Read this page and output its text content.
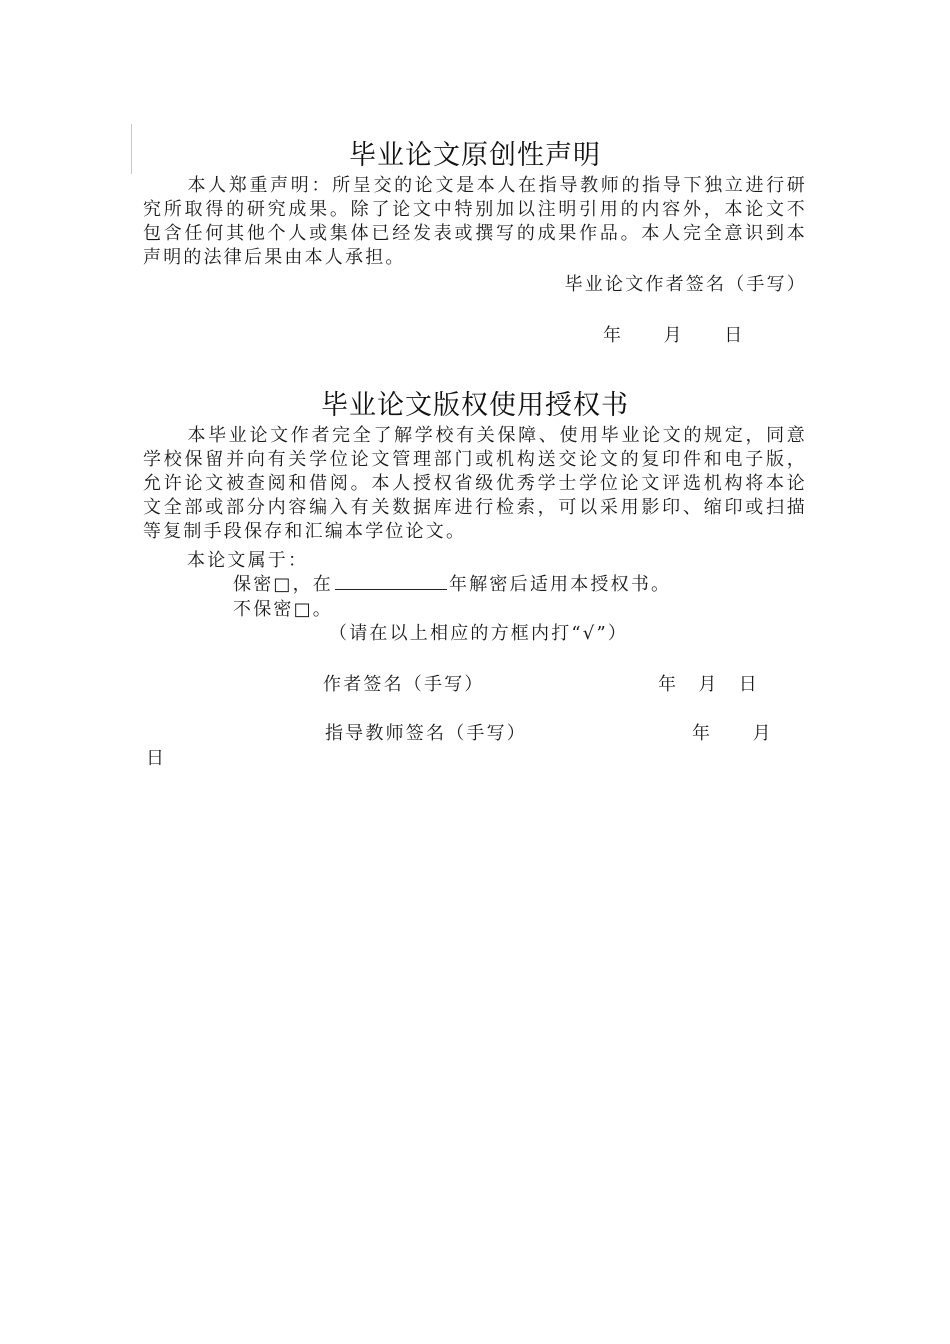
毕业论文原创性声明
本人郑重声明：所呈交的论文是本人在指导教师的指导下独立进行研究所取得的研究成果。除了论文中特别加以注明引用的内容外，本论文不包含任何其他个人或集体已经发表或撰写的成果作品。本人完全意识到本声明的法律后果由本人承担。
毕业论文作者签名（手写）
年　　月　　日
毕业论文版权使用授权书
本毕业论文作者完全了解学校有关保障、使用毕业论文的规定，同意学校保留并向有关学位论文管理部门或机构送交论文的复印件和电子版，允许论文被查阅和借阅。本人授权省级优秀学士学位论文评选机构将本论文全部或部分内容编入有关数据库进行检索，可以采用影印、缩印或扫描等复制手段保存和汇编本学位论文。
本论文属于：
保密□，在	年解密后适用本授权书。
不保密□。
（请在以上相应的方框内打“√”）
作者签名（手写）	年　月　日
指导教师签名（手写）	年　　月
日
